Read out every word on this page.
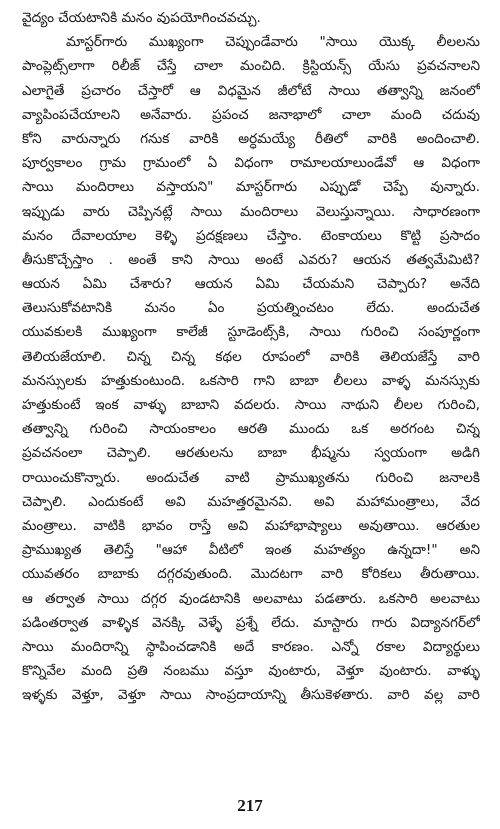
వైద్యం చేయటానికి మనం వుపయోగించవచ్చు.
మాస్టర్‌గారు ముఖ్యంగా చెప్పుండేవారు "సాయి యొక్క లీలలను
పాంప్లెట్స్‌లాగా రిలీజ్ చేస్తే చాలా మంచిది. క్రిస్టియన్స్ యేసు ప్రవచనాలని
ఎలాగైతే ప్రచారం చేస్తారో ఆ విధమైన జీలోటే సాయి తత్వాన్ని జనంలో
వ్యాపింపచేయాలని అనేవారు. ప్రపంచ జనాభాలో చాలా మంది చదువు
కోని వారున్నారు గనుక వారికి అర్ధమయ్యే రీతిలో వారికి అందించాలి.
పూర్వకాలం గ్రామ గ్రామంలో ఏ విధంగా రామాలయాలుండేవో ఆ విధంగా
సాయి మందిరాలు వస్తాయని" మాస్టర్‌గారు ఎప్పుడో చెప్పే వున్నారు.
ఇప్పుడు వారు చెప్పినట్లే సాయి మందిరాలు వెలుస్తున్నాయి. సాధారణంగా
మనం దేవాలయాల కెళ్ళి ప్రదక్షణలు చేస్తాం. టెంకాయలు కొట్టి ప్రసాదం
తీసుకొచ్చేస్తాం . అంతే కాని సాయి అంటే ఎవరు? ఆయన తత్వమేమిటి?
ఆయన ఏమి చేశారు? ఆయన ఏమి చేయమని చెప్పారు? అనేది
తెలుసుకోవటానికి మనం ఏం ప్రయత్నించటం లేదు. అందుచేత
యువకులకి ముఖ్యంగా కాలేజీ స్టూడెంట్స్‌కి, సాయి గురించి సంపూర్ణంగా
తెలియజేయాలి. చిన్న చిన్న కథల రూపంలో వారికి తెలియజేస్తే వారి
మనస్సులకు హత్తుకుంటుంది. ఒకసారి గాని బాబా లీలలు వాళ్ళ మనస్సుకు
హత్తుకుంటే ఇంక వాళ్ళు బాబాని వదలరు. సాయి నాథుని లీలల గురించి,
తత్వాన్ని గురించి సాయంకాలం ఆరతి ముందు ఒక అరగంట చిన్న
ప్రవచనంలా చెప్పాలి. ఆరతులను బాబా భీష్మను స్వయంగా అడిగి
రాయించుకొన్నారు. అందుచేత వాటి ప్రాముఖ్యతను గురించి జనాలకి
చెప్పాలి. ఎందుకంటే అవి మహత్తరమైనవి. అవి మహామంత్రాలు, వేద
మంత్రాలు. వాటికి భావం రాస్తే అవి మహాభాష్యాలు అవుతాయి. ఆరతుల
ప్రాముఖ్యత తెలిస్తే "ఆహా వీటిలో ఇంత మహత్యం ఉన్నదా!" అని
యువతరం బాబాకు దగ్గరవుతుంది. మొదటగా వారి కోరికలు తీరుతాయి.
ఆ తర్వాత సాయి దగ్గర వుండటానికి అలవాటు పడతారు. ఒకసారి అలవాటు
పడింతర్వాత వాళ్ళిక వెనక్కి వెళ్ళే ప్రశ్నే లేదు. మాస్టారు గారు విద్యానగర్‌లో
సాయి మందిరాన్ని స్థాపించడానికి అదే కారణం. ఎన్నో రకాల విద్యార్థులు
కొన్నివేల మంది ప్రతి నంబము వస్తూ వుంటారు, వెళ్తూ వుంటారు. వాళ్ళు
ఇళ్ళకు వెళ్తూ, వెళ్తూ సాయి సాంప్రదాయాన్ని తీసుకెళతారు. వారి వల్ల వారి
217
